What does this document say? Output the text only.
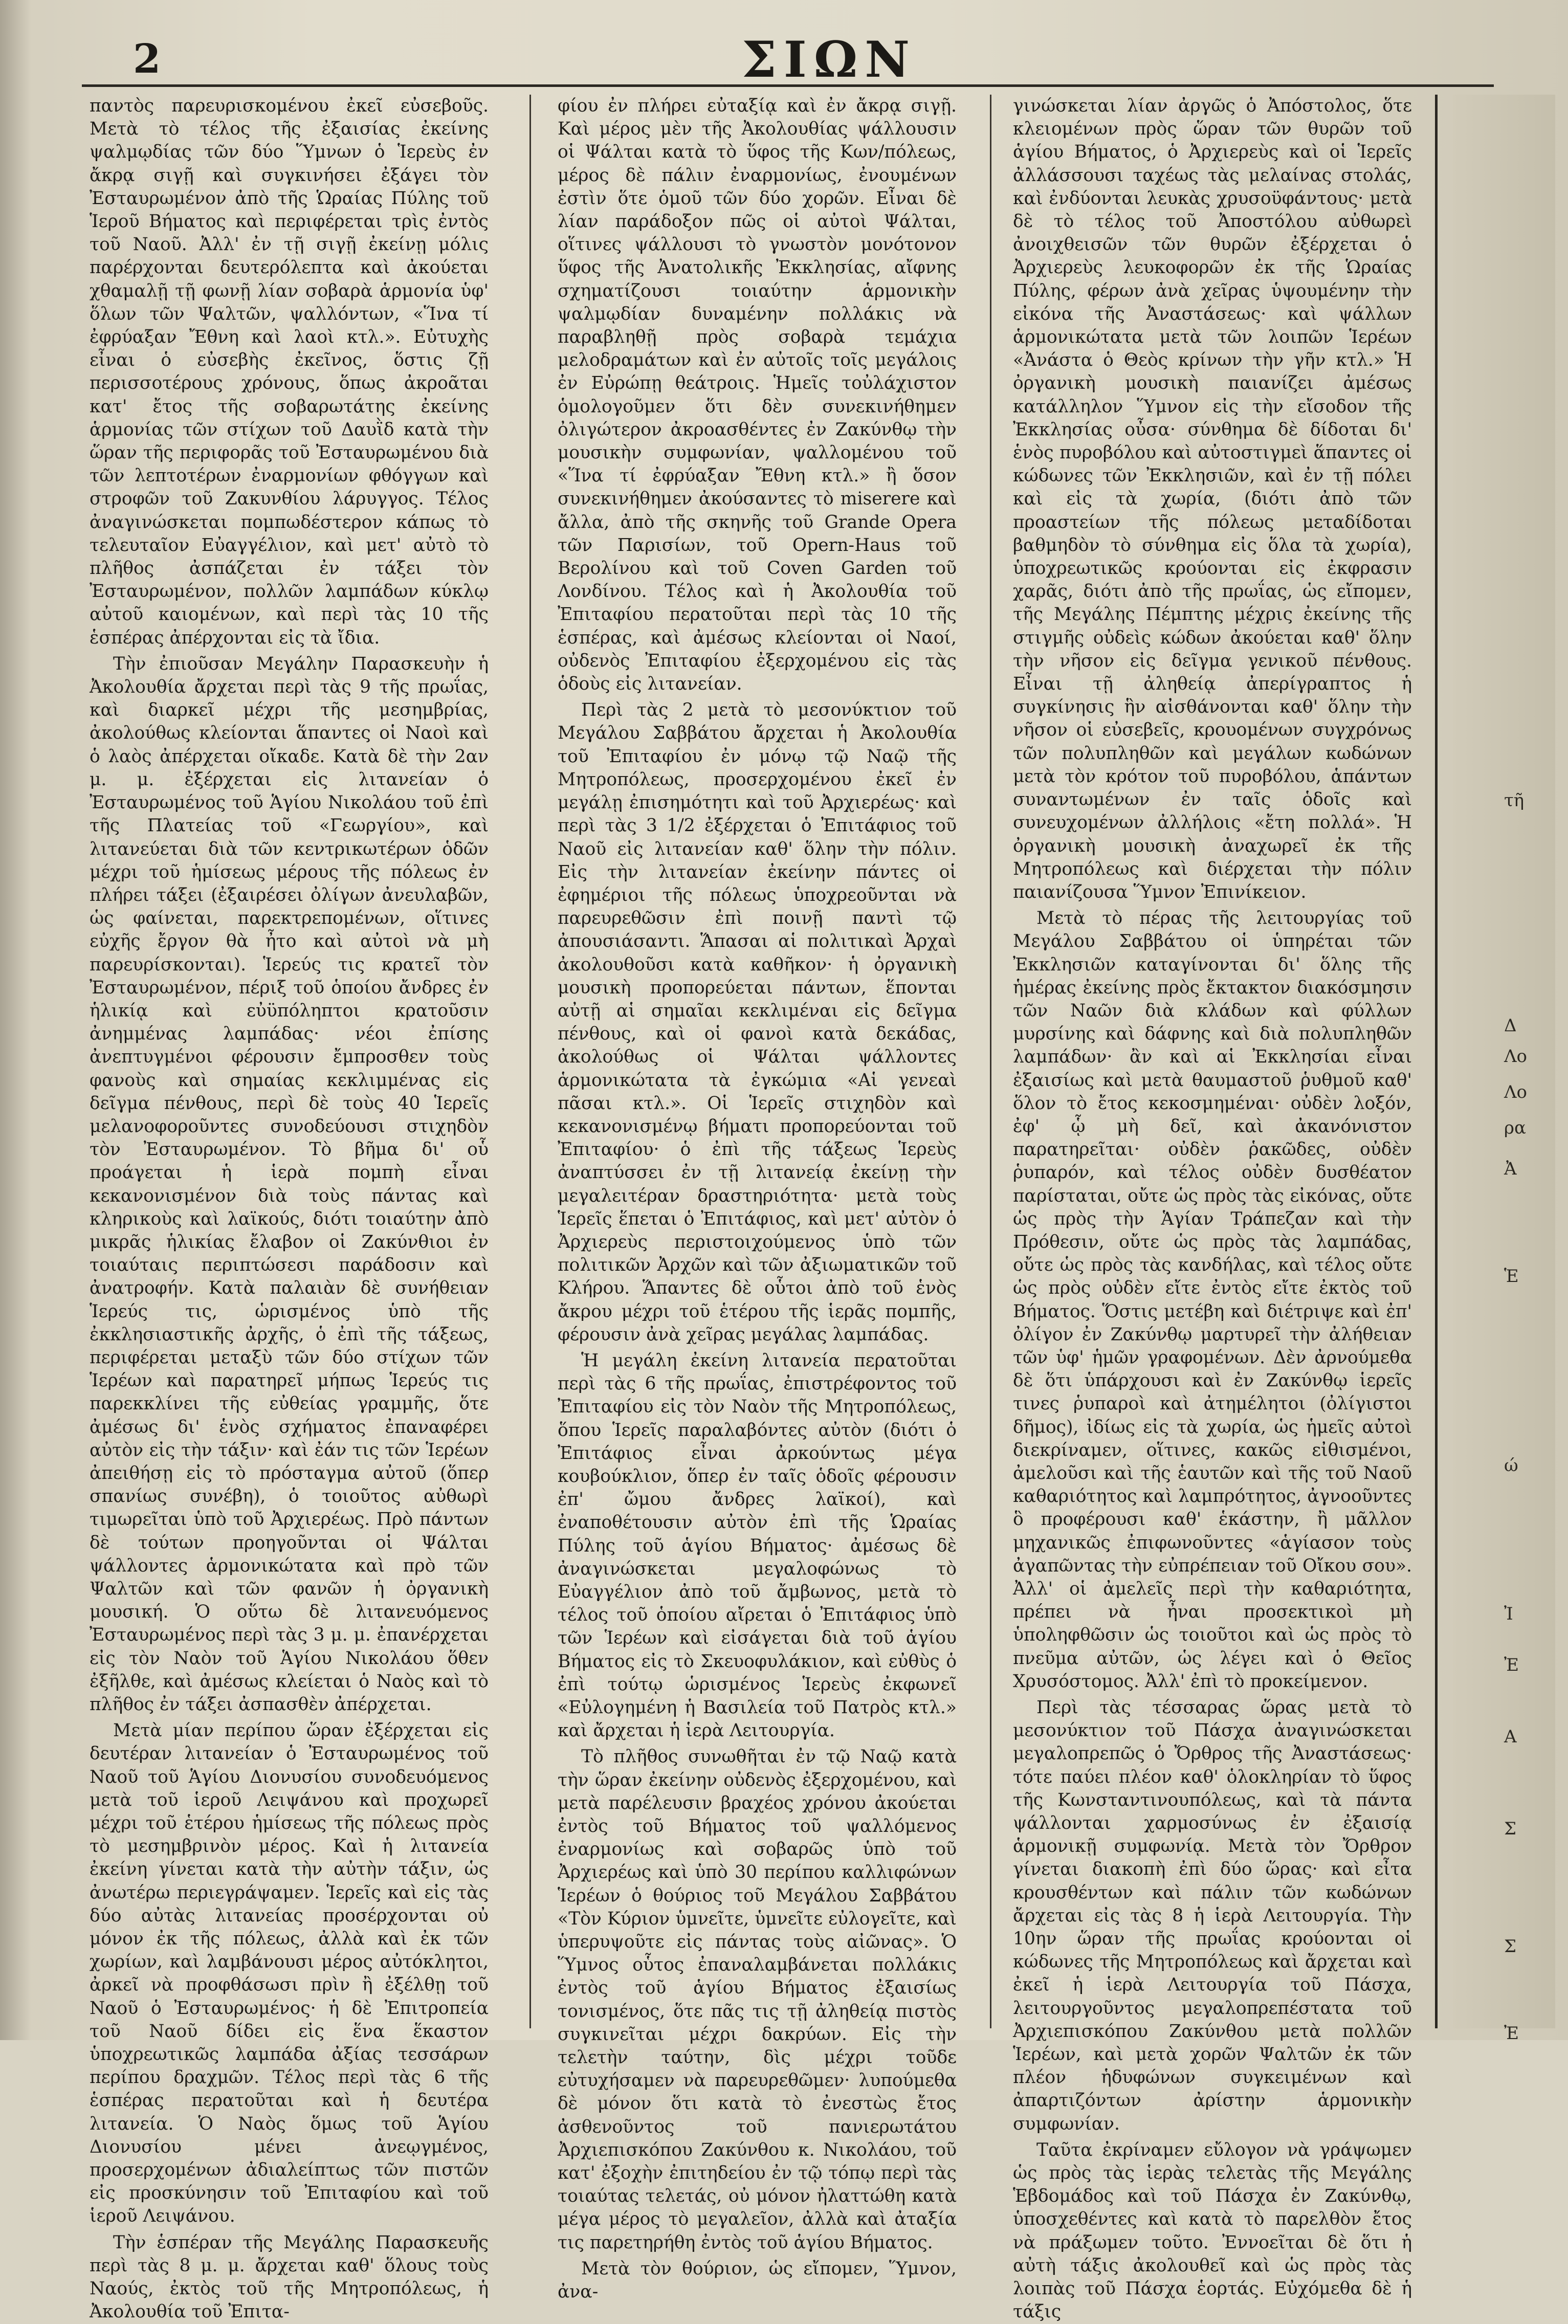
2	ΣΙΩΝ

παντὸς παρευρισκομένου ἐκεῖ εὐσεβοῦς. Μετὰ τὸ τέλος τῆς ἐξαισίας ἐκείνης ψαλμῳδίας τῶν δύο Ὕμνων ὁ Ἱερεὺς ἐν ἄκρᾳ σιγῇ καὶ συγκινήσει ἐξάγει τὸν Ἐσταυρωμένον ἀπὸ τῆς Ὡραίας Πύλης τοῦ Ἱεροῦ Βήματος καὶ περιφέρεται τρὶς ἐντὸς τοῦ Ναοῦ. Ἀλλ' ἐν τῇ σιγῇ ἐκείνῃ μόλις παρέρχονται δευτερόλεπτα καὶ ἀκούεται χθαμαλῇ τῇ φωνῇ λίαν σοβαρὰ ἁρμονία ὑφ' ὅλων τῶν Ψαλτῶν, ψαλλόντων, «Ἵνα τί ἐφρύαξαν Ἔθνη καὶ λαοὶ κτλ.». Εὐτυχὴς εἶναι ὁ εὐσεβὴς ἐκεῖνος, ὅστις ζῇ περισσοτέρους χρόνους, ὅπως ἀκροᾶται κατ' ἔτος τῆς σοβαρωτάτης ἐκείνης ἁρμονίας τῶν στίχων τοῦ Δαυῒδ κατὰ τὴν ὥραν τῆς περιφορᾶς τοῦ Ἐσταυρωμένου διὰ τῶν λεπτοτέρων ἐναρμονίων φθόγγων καὶ στροφῶν τοῦ Ζακυνθίου λάρυγγος. Τέλος ἀναγινώσκεται πομπωδέστερον κάπως τὸ τελευταῖον Εὐαγγέλιον, καὶ μετ' αὐτὸ τὸ πλῆθος ἀσπάζεται ἐν τάξει τὸν Ἐσταυρωμένον, πολλῶν λαμπάδων κύκλῳ αὐτοῦ καιομένων, καὶ περὶ τὰς 10 τῆς ἑσπέρας ἀπέρχονται εἰς τὰ ἴδια.

Τὴν ἐπιοῦσαν Μεγάλην Παρασκευὴν ἡ Ἀκολουθία ἄρχεται περὶ τὰς 9 τῆς πρωΐας, καὶ διαρκεῖ μέχρι τῆς μεσημβρίας, ἀκολούθως κλείονται ἅπαντες οἱ Ναοὶ καὶ ὁ λαὸς ἀπέρχεται οἴκαδε. Κατὰ δὲ τὴν 2αν μ. μ. ἐξέρχεται εἰς λιτανείαν ὁ Ἐσταυρωμένος τοῦ Ἁγίου Νικολάου τοῦ ἐπὶ τῆς Πλατείας τοῦ «Γεωργίου», καὶ λιτανεύεται διὰ τῶν κεντρικωτέρων ὁδῶν μέχρι τοῦ ἡμίσεως μέρους τῆς πόλεως ἐν πλήρει τάξει (ἐξαιρέσει ὀλίγων ἀνευλαβῶν, ὡς φαίνεται, παρεκτρεπομένων, οἵτινες εὐχῆς ἔργον θὰ ἦτο καὶ αὐτοὶ νὰ μὴ παρευρίσκονται). Ἱερεύς τις κρατεῖ τὸν Ἐσταυρωμένον, πέριξ τοῦ ὁποίου ἄνδρες ἐν ἡλικίᾳ καὶ εὐϋπόληπτοι κρατοῦσιν ἀνημμένας λαμπάδας· νέοι ἐπίσης ἀνεπτυγμένοι φέρουσιν ἔμπροσθεν τοὺς φανοὺς καὶ σημαίας κεκλιμμένας εἰς δεῖγμα πένθους, περὶ δὲ τοὺς 40 Ἱερεῖς μελανοφοροῦντες συνοδεύουσι στιχηδὸν τὸν Ἐσταυρωμένον. Τὸ βῆμα δι' οὗ προάγεται ἡ ἱερὰ πομπὴ εἶναι κεκανονισμένον διὰ τοὺς πάντας καὶ κληρικοὺς καὶ λαϊκούς, διότι τοιαύτην ἀπὸ μικρᾶς ἡλικίας ἔλαβον οἱ Ζακύνθιοι ἐν τοιαύταις περιπτώσεσι παράδοσιν καὶ ἀνατροφήν. Κατὰ παλαιὰν δὲ συνήθειαν Ἱερεύς τις, ὡρισμένος ὑπὸ τῆς ἐκκλησιαστικῆς ἀρχῆς, ὁ ἐπὶ τῆς τάξεως, περιφέρεται μεταξὺ τῶν δύο στίχων τῶν Ἱερέων καὶ παρατηρεῖ μήπως Ἱερεύς τις παρεκκλίνει τῆς εὐθείας γραμμῆς, ὅτε ἀμέσως δι' ἑνὸς σχήματος ἐπαναφέρει αὐτὸν εἰς τὴν τάξιν· καὶ ἐάν τις τῶν Ἱερέων ἀπειθήσῃ εἰς τὸ πρόσταγμα αὐτοῦ (ὅπερ σπανίως συνέβη), ὁ τοιοῦτος αὐθωρὶ τιμωρεῖται ὑπὸ τοῦ Ἀρχιερέως. Πρὸ πάντων δὲ τούτων προηγοῦνται οἱ Ψάλται ψάλλοντες ἁρμονικώτατα καὶ πρὸ τῶν Ψαλτῶν καὶ τῶν φανῶν ἡ ὀργανικὴ μουσική. Ὁ οὕτω δὲ λιτανευόμενος Ἐσταυρωμένος περὶ τὰς 3 μ. μ. ἐπανέρχεται εἰς τὸν Ναὸν τοῦ Ἁγίου Νικολάου ὅθεν ἐξῆλθε, καὶ ἀμέσως κλείεται ὁ Ναὸς καὶ τὸ πλῆθος ἐν τάξει ἀσπασθὲν ἀπέρχεται.

Μετὰ μίαν περίπου ὥραν ἐξέρχεται εἰς δευτέραν λιτανείαν ὁ Ἐσταυρωμένος τοῦ Ναοῦ τοῦ Ἁγίου Διονυσίου συνοδευόμενος μετὰ τοῦ ἱεροῦ Λειψάνου καὶ προχωρεῖ μέχρι τοῦ ἑτέρου ἡμίσεως τῆς πόλεως πρὸς τὸ μεσημβρινὸν μέρος. Καὶ ἡ λιτανεία ἐκείνη γίνεται κατὰ τὴν αὐτὴν τάξιν, ὡς ἀνωτέρω περιεγράψαμεν. Ἱερεῖς καὶ εἰς τὰς δύο αὐτὰς λιτανείας προσέρχονται οὐ μόνον ἐκ τῆς πόλεως, ἀλλὰ καὶ ἐκ τῶν χωρίων, καὶ λαμβάνουσι μέρος αὐτόκλητοι, ἀρκεῖ νὰ προφθάσωσι πρὶν ἢ ἐξέλθῃ τοῦ Ναοῦ ὁ Ἐσταυρωμένος· ἡ δὲ Ἐπιτροπεία τοῦ Ναοῦ δίδει εἰς ἕνα ἕκαστον ὑποχρεωτικῶς λαμπάδα ἀξίας τεσσάρων περίπου δραχμῶν. Τέλος περὶ τὰς 6 τῆς ἑσπέρας περατοῦται καὶ ἡ δευτέρα λιτανεία. Ὁ Ναὸς ὅμως τοῦ Ἁγίου Διονυσίου μένει ἀνεῳγμένος, προσερχομένων ἀδιαλείπτως τῶν πιστῶν εἰς προσκύνησιν τοῦ Ἐπιταφίου καὶ τοῦ ἱεροῦ Λειψάνου.

Τὴν ἑσπέραν τῆς Μεγάλης Παρασκευῆς περὶ τὰς 8 μ. μ. ἄρχεται καθ' ὅλους τοὺς Ναούς, ἐκτὸς τοῦ τῆς Μητροπόλεως, ἡ Ἀκολουθία τοῦ Ἐπιτα-

φίου ἐν πλήρει εὐταξίᾳ καὶ ἐν ἄκρᾳ σιγῇ. Καὶ μέρος μὲν τῆς Ἀκολουθίας ψάλλουσιν οἱ Ψάλται κατὰ τὸ ὕφος τῆς Κων/πόλεως, μέρος δὲ πάλιν ἐναρμονίως, ἐνουμένων ἐστὶν ὅτε ὁμοῦ τῶν δύο χορῶν. Εἶναι δὲ λίαν παράδοξον πῶς οἱ αὐτοὶ Ψάλται, οἵτινες ψάλλουσι τὸ γνωστὸν μονότονον ὕφος τῆς Ἀνατολικῆς Ἐκκλησίας, αἴφνης σχηματίζουσι τοιαύτην ἁρμονικὴν ψαλμῳδίαν δυναμένην πολλάκις νὰ παραβληθῇ πρὸς σοβαρὰ τεμάχια μελοδραμάτων καὶ ἐν αὐτοῖς τοῖς μεγάλοις ἐν Εὐρώπῃ θεάτροις. Ἡμεῖς τοὐλάχιστον ὁμολογοῦμεν ὅτι δὲν συνεκινήθημεν ὀλιγώτερον ἀκροασθέντες ἐν Ζακύνθῳ τὴν μουσικὴν συμφωνίαν, ψαλλομένου τοῦ «Ἵνα τί ἐφρύαξαν Ἔθνη κτλ.» ἢ ὅσον συνεκινήθημεν ἀκούσαντες τὸ miserere καὶ ἄλλα, ἀπὸ τῆς σκηνῆς τοῦ Grande Opera τῶν Παρισίων, τοῦ Opern-Haus τοῦ Βερολίνου καὶ τοῦ Coven Garden τοῦ Λονδίνου. Τέλος καὶ ἡ Ἀκολουθία τοῦ Ἐπιταφίου περατοῦται περὶ τὰς 10 τῆς ἑσπέρας, καὶ ἀμέσως κλείονται οἱ Ναοί, οὐδενὸς Ἐπιταφίου ἐξερχομένου εἰς τὰς ὁδοὺς εἰς λιτανείαν.

Περὶ τὰς 2 μετὰ τὸ μεσονύκτιον τοῦ Μεγάλου Σαββάτου ἄρχεται ἡ Ἀκολουθία τοῦ Ἐπιταφίου ἐν μόνῳ τῷ Ναῷ τῆς Μητροπόλεως, προσερχομένου ἐκεῖ ἐν μεγάλῃ ἐπισημότητι καὶ τοῦ Ἀρχιερέως· καὶ περὶ τὰς 3 1/2 ἐξέρχεται ὁ Ἐπιτάφιος τοῦ Ναοῦ εἰς λιτανείαν καθ' ὅλην τὴν πόλιν. Εἰς τὴν λιτανείαν ἐκείνην πάντες οἱ ἐφημέριοι τῆς πόλεως ὑποχρεοῦνται νὰ παρευρεθῶσιν ἐπὶ ποινῇ παντὶ τῷ ἀπουσιάσαντι. Ἅπασαι αἱ πολιτικαὶ Ἀρχαὶ ἀκολουθοῦσι κατὰ καθῆκον· ἡ ὀργανικὴ μουσικὴ προπορεύεται πάντων, ἕπονται αὐτῇ αἱ σημαῖαι κεκλιμέναι εἰς δεῖγμα πένθους, καὶ οἱ φανοὶ κατὰ δεκάδας, ἀκολούθως οἱ Ψάλται ψάλλοντες ἁρμονικώτατα τὰ ἐγκώμια «Αἱ γενεαὶ πᾶσαι κτλ.». Οἱ Ἱερεῖς στιχηδὸν καὶ κεκανονισμένῳ βήματι προπορεύονται τοῦ Ἐπιταφίου· ὁ ἐπὶ τῆς τάξεως Ἱερεὺς ἀναπτύσσει ἐν τῇ λιτανείᾳ ἐκείνῃ τὴν μεγαλειτέραν δραστηριότητα· μετὰ τοὺς Ἱερεῖς ἕπεται ὁ Ἐπιτάφιος, καὶ μετ' αὐτὸν ὁ Ἀρχιερεὺς περιστοιχούμενος ὑπὸ τῶν πολιτικῶν Ἀρχῶν καὶ τῶν ἀξιωματικῶν τοῦ Κλήρου. Ἅπαντες δὲ οὗτοι ἀπὸ τοῦ ἑνὸς ἄκρου μέχρι τοῦ ἑτέρου τῆς ἱερᾶς πομπῆς, φέρουσιν ἀνὰ χεῖρας μεγάλας λαμπάδας.

Ἡ μεγάλη ἐκείνη λιτανεία περατοῦται περὶ τὰς 6 τῆς πρωΐας, ἐπιστρέφοντος τοῦ Ἐπιταφίου εἰς τὸν Ναὸν τῆς Μητροπόλεως, ὅπου Ἱερεῖς παραλαβόντες αὐτὸν (διότι ὁ Ἐπιτάφιος εἶναι ἀρκούντως μέγα κουβούκλιον, ὅπερ ἐν ταῖς ὁδοῖς φέρουσιν ἐπ' ὤμου ἄνδρες λαϊκοί), καὶ ἐναποθέτουσιν αὐτὸν ἐπὶ τῆς Ὡραίας Πύλης τοῦ ἁγίου Βήματος· ἀμέσως δὲ ἀναγινώσκεται μεγαλοφώνως τὸ Εὐαγγέλιον ἀπὸ τοῦ ἄμβωνος, μετὰ τὸ τέλος τοῦ ὁποίου αἴρεται ὁ Ἐπιτάφιος ὑπὸ τῶν Ἱερέων καὶ εἰσάγεται διὰ τοῦ ἁγίου Βήματος εἰς τὸ Σκευοφυλάκιον, καὶ εὐθὺς ὁ ἐπὶ τούτῳ ὡρισμένος Ἱερεὺς ἐκφωνεῖ «Εὐλογημένη ἡ Βασιλεία τοῦ Πατρὸς κτλ.» καὶ ἄρχεται ἡ ἱερὰ Λειτουργία.

Τὸ πλῆθος συνωθῆται ἐν τῷ Ναῷ κατὰ τὴν ὥραν ἐκείνην οὐδενὸς ἐξερχομένου, καὶ μετὰ παρέλευσιν βραχέος χρόνου ἀκούεται ἐντὸς τοῦ Βήματος τοῦ ψαλλόμενος ἐναρμονίως καὶ σοβαρῶς ὑπὸ τοῦ Ἀρχιερέως καὶ ὑπὸ 30 περίπου καλλιφώνων Ἱερέων ὁ θούριος τοῦ Μεγάλου Σαββάτου «Τὸν Κύριον ὑμνεῖτε, ὑμνεῖτε εὐλογεῖτε, καὶ ὑπερυψοῦτε εἰς πάντας τοὺς αἰῶνας». Ὁ Ὕμνος οὗτος ἐπαναλαμβάνεται πολλάκις ἐντὸς τοῦ ἁγίου Βήματος ἐξαισίως τονισμένος, ὅτε πᾶς τις τῇ ἀληθείᾳ πιστὸς συγκινεῖται μέχρι δακρύων. Εἰς τὴν τελετὴν ταύτην, δὶς μέχρι τοῦδε εὐτυχήσαμεν νὰ παρευρεθῶμεν· λυπούμεθα δὲ μόνον ὅτι κατὰ τὸ ἐνεστὼς ἔτος ἀσθενοῦντος τοῦ πανιερωτάτου Ἀρχιεπισκόπου Ζακύνθου κ. Νικολάου, τοῦ κατ' ἐξοχὴν ἐπιτηδείου ἐν τῷ τόπῳ περὶ τὰς τοιαύτας τελετάς, οὐ μόνον ἠλαττώθη κατὰ μέγα μέρος τὸ μεγαλεῖον, ἀλλὰ καὶ ἀταξία τις παρετηρήθη ἐντὸς τοῦ ἁγίου Βήματος.

Μετὰ τὸν θούριον, ὡς εἴπομεν, Ὕμνον, ἀνα-

γινώσκεται λίαν ἀργῶς ὁ Ἀπόστολος, ὅτε κλειομένων πρὸς ὥραν τῶν θυρῶν τοῦ ἁγίου Βήματος, ὁ Ἀρχιερεὺς καὶ οἱ Ἱερεῖς ἀλλάσσουσι ταχέως τὰς μελαίνας στολάς, καὶ ἐνδύονται λευκὰς χρυσοϋφάντους· μετὰ δὲ τὸ τέλος τοῦ Ἀποστόλου αὐθωρεὶ ἀνοιχθεισῶν τῶν θυρῶν ἐξέρχεται ὁ Ἀρχιερεὺς λευκοφορῶν ἐκ τῆς Ὡραίας Πύλης, φέρων ἀνὰ χεῖρας ὑψουμένην τὴν εἰκόνα τῆς Ἀναστάσεως· καὶ ψάλλων ἁρμονικώτατα μετὰ τῶν λοιπῶν Ἱερέων «Ἀνάστα ὁ Θεὸς κρίνων τὴν γῆν κτλ.» Ἡ ὀργανικὴ μουσικὴ παιανίζει ἀμέσως κατάλληλον Ὕμνον εἰς τὴν εἴσοδον τῆς Ἐκκλησίας οὖσα· σύνθημα δὲ δίδοται δι' ἑνὸς πυροβόλου καὶ αὐτοστιγμεὶ ἅπαντες οἱ κώδωνες τῶν Ἐκκλησιῶν, καὶ ἐν τῇ πόλει καὶ εἰς τὰ χωρία, (διότι ἀπὸ τῶν προαστείων τῆς πόλεως μεταδίδοται βαθμηδὸν τὸ σύνθημα εἰς ὅλα τὰ χωρία), ὑποχρεωτικῶς κρούονται εἰς ἐκφρασιν χαρᾶς, διότι ἀπὸ τῆς πρωΐας, ὡς εἴπομεν, τῆς Μεγάλης Πέμπτης μέχρις ἐκείνης τῆς στιγμῆς οὐδεὶς κώδων ἀκούεται καθ' ὅλην τὴν νῆσον εἰς δεῖγμα γενικοῦ πένθους. Εἶναι τῇ ἀληθείᾳ ἀπερίγραπτος ἡ συγκίνησις ἣν αἰσθάνονται καθ' ὅλην τὴν νῆσον οἱ εὐσεβεῖς, κρουομένων συγχρόνως τῶν πολυπληθῶν καὶ μεγάλων κωδώνων μετὰ τὸν κρότον τοῦ πυροβόλου, ἁπάντων συναντωμένων ἐν ταῖς ὁδοῖς καὶ συνευχομένων ἀλλήλοις «ἔτη πολλά». Ἡ ὀργανικὴ μουσικὴ ἀναχωρεῖ ἐκ τῆς Μητροπόλεως καὶ διέρχεται τὴν πόλιν παιανίζουσα Ὕμνον Ἐπινίκειον.

Μετὰ τὸ πέρας τῆς λειτουργίας τοῦ Μεγάλου Σαββάτου οἱ ὑπηρέται τῶν Ἐκκλησιῶν καταγίνονται δι' ὅλης τῆς ἡμέρας ἐκείνης πρὸς ἔκτακτον διακόσμησιν τῶν Ναῶν διὰ κλάδων καὶ φύλλων μυρσίνης καὶ δάφνης καὶ διὰ πολυπληθῶν λαμπάδων· ἂν καὶ αἱ Ἐκκλησίαι εἶναι ἐξαισίως καὶ μετὰ θαυμαστοῦ ῥυθμοῦ καθ' ὅλον τὸ ἔτος κεκοσμημέναι· οὐδὲν λοξόν, ἐφ' ᾧ μὴ δεῖ, καὶ ἀκανόνιστον παρατηρεῖται· οὐδὲν ῥακῶδες, οὐδὲν ῥυπαρόν, καὶ τέλος οὐδὲν δυσθέατον παρίσταται, οὔτε ὡς πρὸς τὰς εἰκόνας, οὔτε ὡς πρὸς τὴν Ἁγίαν Τράπεζαν καὶ τὴν Πρόθεσιν, οὔτε ὡς πρὸς τὰς λαμπάδας, οὔτε ὡς πρὸς τὰς κανδήλας, καὶ τέλος οὔτε ὡς πρὸς οὐδὲν εἴτε ἐντὸς εἴτε ἐκτὸς τοῦ Βήματος. Ὅστις μετέβη καὶ διέτριψε καὶ ἐπ' ὀλίγον ἐν Ζακύνθῳ μαρτυρεῖ τὴν ἀλήθειαν τῶν ὑφ' ἡμῶν γραφομένων. Δὲν ἀρνούμεθα δὲ ὅτι ὑπάρχουσι καὶ ἐν Ζακύνθῳ ἱερεῖς τινες ῥυπαροὶ καὶ ἀτημέλητοι (ὀλίγιστοι δῆμος), ἰδίως εἰς τὰ χωρία, ὡς ἡμεῖς αὐτοὶ διεκρίναμεν, οἵτινες, κακῶς εἰθισμένοι, ἀμελοῦσι καὶ τῆς ἑαυτῶν καὶ τῆς τοῦ Ναοῦ καθαριότητος καὶ λαμπρότητος, ἀγνοοῦντες ὃ προφέρουσι καθ' ἑκάστην, ἢ μᾶλλον μηχανικῶς ἐπιφωνοῦντες «ἁγίασον τοὺς ἀγαπῶντας τὴν εὐπρέπειαν τοῦ Οἴκου σου». Ἀλλ' οἱ ἀμελεῖς περὶ τὴν καθαριότητα, πρέπει νὰ ἦναι προσεκτικοὶ μὴ ὑποληφθῶσιν ὡς τοιοῦτοι καὶ ὡς πρὸς τὸ πνεῦμα αὐτῶν, ὡς λέγει καὶ ὁ Θεῖος Χρυσόστομος. Ἀλλ' ἐπὶ τὸ προκείμενον.

Περὶ τὰς τέσσαρας ὥρας μετὰ τὸ μεσονύκτιον τοῦ Πάσχα ἀναγινώσκεται μεγαλοπρεπῶς ὁ Ὄρθρος τῆς Ἀναστάσεως· τότε παύει πλέον καθ' ὁλοκληρίαν τὸ ὕφος τῆς Κωνσταντινουπόλεως, καὶ τὰ πάντα ψάλλονται χαρμοσύνως ἐν ἐξαισίᾳ ἁρμονικῇ συμφωνίᾳ. Μετὰ τὸν Ὄρθρον γίνεται διακοπὴ ἐπὶ δύο ὥρας· καὶ εἶτα κρουσθέντων καὶ πάλιν τῶν κωδώνων ἄρχεται εἰς τὰς 8 ἡ ἱερὰ Λειτουργία. Τὴν 10ην ὥραν τῆς πρωΐας κρούονται οἱ κώδωνες τῆς Μητροπόλεως καὶ ἄρχεται καὶ ἐκεῖ ἡ ἱερὰ Λειτουργία τοῦ Πάσχα, λειτουργοῦντος μεγαλοπρεπέστατα τοῦ Ἀρχιεπισκόπου Ζακύνθου μετὰ πολλῶν Ἱερέων, καὶ μετὰ χορῶν Ψαλτῶν ἐκ τῶν πλέον ἡδυφώνων συγκειμένων καὶ ἀπαρτιζόντων ἀρίστην ἁρμονικὴν συμφωνίαν.

Ταῦτα ἐκρίναμεν εὔλογον νὰ γράψωμεν ὡς πρὸς τὰς ἱερὰς τελετὰς τῆς Μεγάλης Ἑβδομάδος καὶ τοῦ Πάσχα ἐν Ζακύνθῳ, ὑποσχεθέντες καὶ κατὰ τὸ παρελθὸν ἔτος νὰ πράξωμεν τοῦτο. Ἐννοεῖται δὲ ὅτι ἡ αὐτὴ τάξις ἀκολουθεῖ καὶ ὡς πρὸς τὰς λοιπὰς τοῦ Πάσχα ἑορτάς. Εὐχόμεθα δὲ ἡ τάξις

τῆ
Δ
Λο
Λο
ρα
Ἀ
Ἑ
ώ
Ἰ
Ἐ
Α
Σ
Σ
Ἐ
